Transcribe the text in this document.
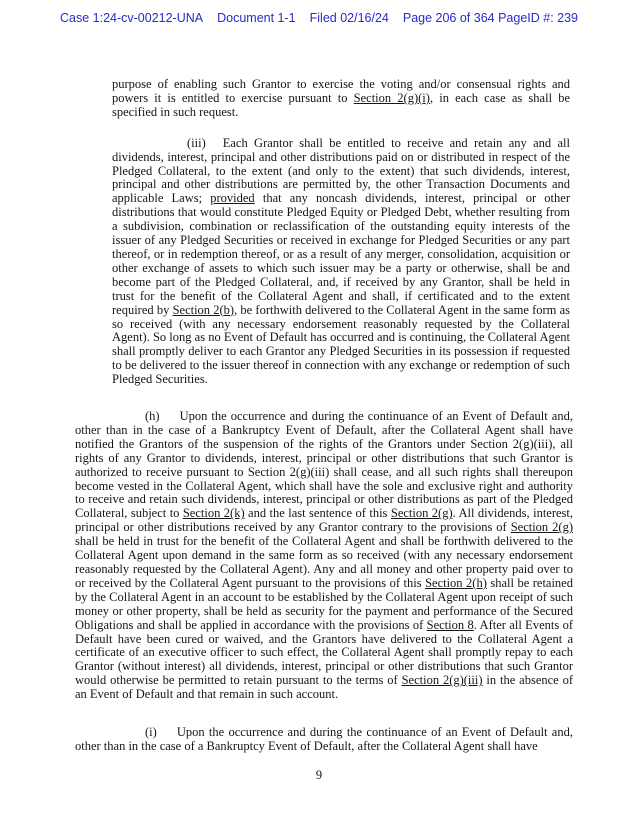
Case 1:24-cv-00212-UNA Document 1-1 Filed 02/16/24 Page 206 of 364 PageID #: 239

purpose of enabling such Grantor to exercise the voting and/or consensual rights and powers it is entitled to exercise pursuant to Section 2(g)(i), in each case as shall be specified in such request.

(iii) Each Grantor shall be entitled to receive and retain any and all dividends, interest, principal and other distributions paid on or distributed in respect of the Pledged Collateral, to the extent (and only to the extent) that such dividends, interest, principal and other distributions are permitted by, the other Transaction Documents and applicable Laws; provided that any noncash dividends, interest, principal or other distributions that would constitute Pledged Equity or Pledged Debt, whether resulting from a subdivision, combination or reclassification of the outstanding equity interests of the issuer of any Pledged Securities or received in exchange for Pledged Securities or any part thereof, or in redemption thereof, or as a result of any merger, consolidation, acquisition or other exchange of assets to which such issuer may be a party or otherwise, shall be and become part of the Pledged Collateral, and, if received by any Grantor, shall be held in trust for the benefit of the Collateral Agent and shall, if certificated and to the extent required by Section 2(b), be forthwith delivered to the Collateral Agent in the same form as so received (with any necessary endorsement reasonably requested by the Collateral Agent). So long as no Event of Default has occurred and is continuing, the Collateral Agent shall promptly deliver to each Grantor any Pledged Securities in its possession if requested to be delivered to the issuer thereof in connection with any exchange or redemption of such Pledged Securities.

(h) Upon the occurrence and during the continuance of an Event of Default and, other than in the case of a Bankruptcy Event of Default, after the Collateral Agent shall have notified the Grantors of the suspension of the rights of the Grantors under Section 2(g)(iii), all rights of any Grantor to dividends, interest, principal or other distributions that such Grantor is authorized to receive pursuant to Section 2(g)(iii) shall cease, and all such rights shall thereupon become vested in the Collateral Agent, which shall have the sole and exclusive right and authority to receive and retain such dividends, interest, principal or other distributions as part of the Pledged Collateral, subject to Section 2(k) and the last sentence of this Section 2(g). All dividends, interest, principal or other distributions received by any Grantor contrary to the provisions of Section 2(g) shall be held in trust for the benefit of the Collateral Agent and shall be forthwith delivered to the Collateral Agent upon demand in the same form as so received (with any necessary endorsement reasonably requested by the Collateral Agent). Any and all money and other property paid over to or received by the Collateral Agent pursuant to the provisions of this Section 2(h) shall be retained by the Collateral Agent in an account to be established by the Collateral Agent upon receipt of such money or other property, shall be held as security for the payment and performance of the Secured Obligations and shall be applied in accordance with the provisions of Section 8. After all Events of Default have been cured or waived, and the Grantors have delivered to the Collateral Agent a certificate of an executive officer to such effect, the Collateral Agent shall promptly repay to each Grantor (without interest) all dividends, interest, principal or other distributions that such Grantor would otherwise be permitted to retain pursuant to the terms of Section 2(g)(iii) in the absence of an Event of Default and that remain in such account.

(i) Upon the occurrence and during the continuance of an Event of Default and, other than in the case of a Bankruptcy Event of Default, after the Collateral Agent shall have

9
